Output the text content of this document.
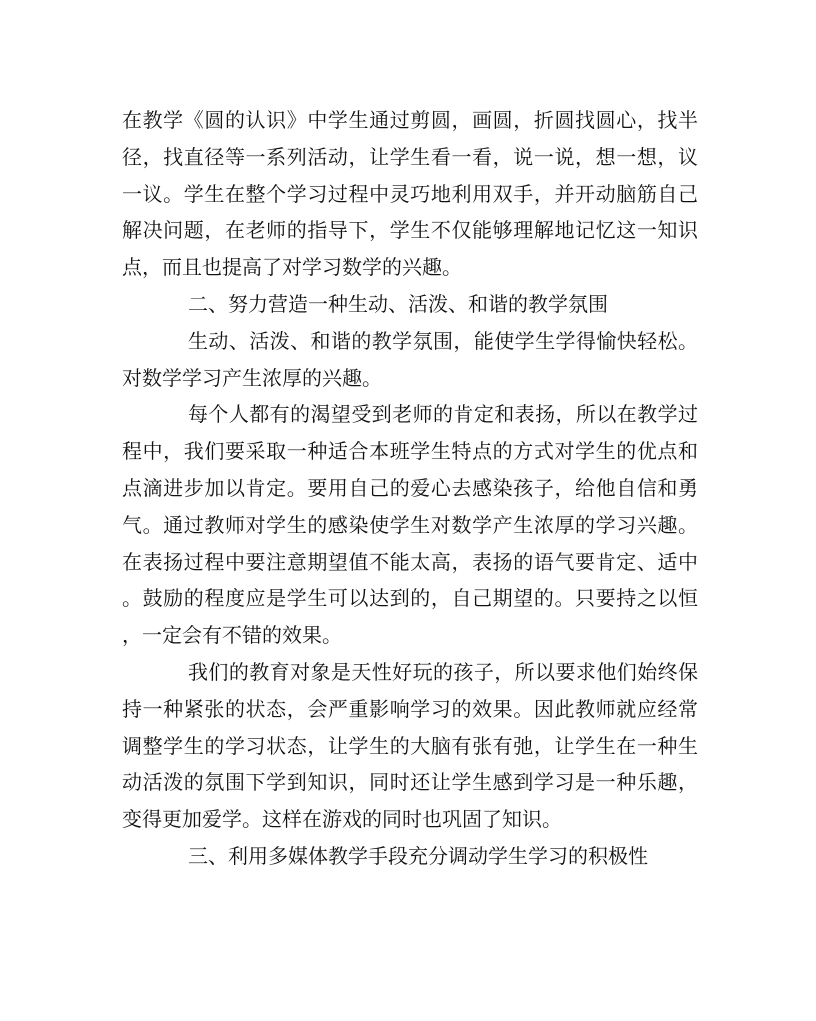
在教学《圆的认识》中学生通过剪圆，画圆，折圆找圆心，找半径，找直径等一系列活动，让学生看一看，说一说，想一想，议一议。学生在整个学习过程中灵巧地利用双手，并开动脑筋自己解决问题，在老师的指导下，学生不仅能够理解地记忆这一知识点，而且也提高了对学习数学的兴趣。

二、努力营造一种生动、活泼、和谐的教学氛围

生动、活泼、和谐的教学氛围，能使学生学得愉快轻松。对数学学习产生浓厚的兴趣。

每个人都有的渴望受到老师的肯定和表扬，所以在教学过程中，我们要采取一种适合本班学生特点的方式对学生的优点和点滴进步加以肯定。要用自己的爱心去感染孩子，给他自信和勇气。通过教师对学生的感染使学生对数学产生浓厚的学习兴趣。在表扬过程中要注意期望值不能太高，表扬的语气要肯定、适中。鼓励的程度应是学生可以达到的，自己期望的。只要持之以恒，一定会有不错的效果。

我们的教育对象是天性好玩的孩子，所以要求他们始终保持一种紧张的状态，会严重影响学习的效果。因此教师就应经常调整学生的学习状态，让学生的大脑有张有弛，让学生在一种生动活泼的氛围下学到知识，同时还让学生感到学习是一种乐趣，变得更加爱学。这样在游戏的同时也巩固了知识。

三、利用多媒体教学手段充分调动学生学习的积极性
